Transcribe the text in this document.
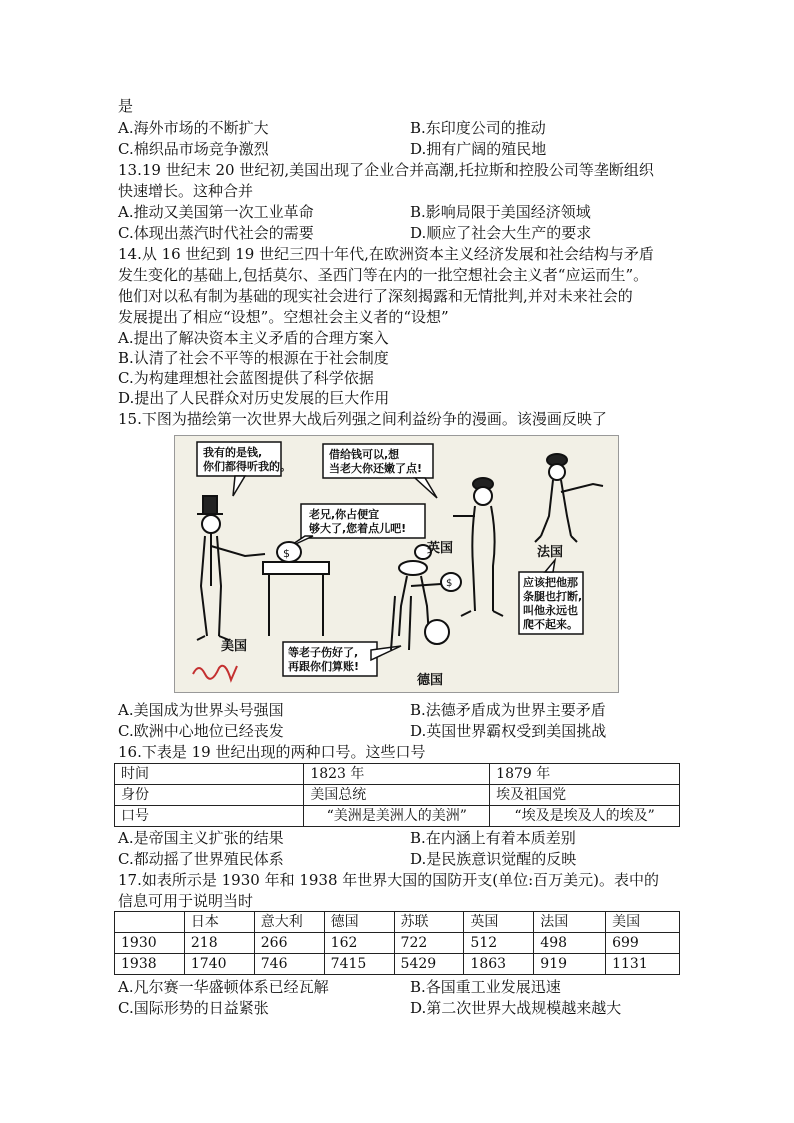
是
A.海外市场的不断扩大	B.东印度公司的推动
C.棉织品市场竞争激烈	D.拥有广阔的殖民地
13.19 世纪末 20 世纪初,美国出现了企业合并高潮,托拉斯和控股公司等垄断组织
快速增长。这种合并
A.推动又美国第一次工业革命	B.影响局限于美国经济领域
C.体现出蒸汽时代社会的需要	D.顺应了社会大生产的要求
14.从 16 世纪到 19 世纪三四十年代,在欧洲资本主义经济发展和社会结构与矛盾
发生变化的基础上,包括莫尔、圣西门等在内的一批空想社会主义者“应运而生”。
他们对以私有制为基础的现实社会进行了深刻揭露和无情批判,并对未来社会的
发展提出了相应“设想”。空想社会主义者的“设想”
A.提出了解决资本主义矛盾的合理方案入
B.认清了社会不平等的根源在于社会制度
C.为构建理想社会蓝图提供了科学依据
D.提出了人民群众对历史发展的巨大作用
15.下图为描绘第一次世界大战后列强之间利益纷争的漫画。该漫画反映了
我有的是钱,
你们都得听我的。
借给钱可以,想
当老大你还嫩了点!
老兄,你占便宜
够大了,您着点儿吧!
应该把他那
条腿也打断,
叫他永远也
爬不起来。
等老子伤好了,
再跟你们算账!
$
$
美国
英国	法国
德国
A.美国成为世界头号强国	B.法德矛盾成为世界主要矛盾
C.欧洲中心地位已经丧发	D.英国世界霸权受到美国挑战
16.下表是 19 世纪出现的两种口号。这些口号
时间	1823 年	1879 年
身份	美国总统	埃及祖国党
口号	“美洲是美洲人的美洲”	“埃及是埃及人的埃及”
A.是帝国主义扩张的结果	B.在内涵上有着本质差别
C.都动摇了世界殖民体系	D.是民族意识觉醒的反映
17.如表所示是 1930 年和 1938 年世界大国的国防开支(单位:百万美元)。表中的
信息可用于说明当时
	日本	意大利	德国	苏联	英国	法国	美国
1930	218	266	162	722	512	498	699
1938	1740	746	7415	5429	1863	919	1131
A.凡尔赛一华盛顿体系已经瓦解	B.各国重工业发展迅速
C.国际形势的日益紧张	D.第二次世界大战规模越来越大
